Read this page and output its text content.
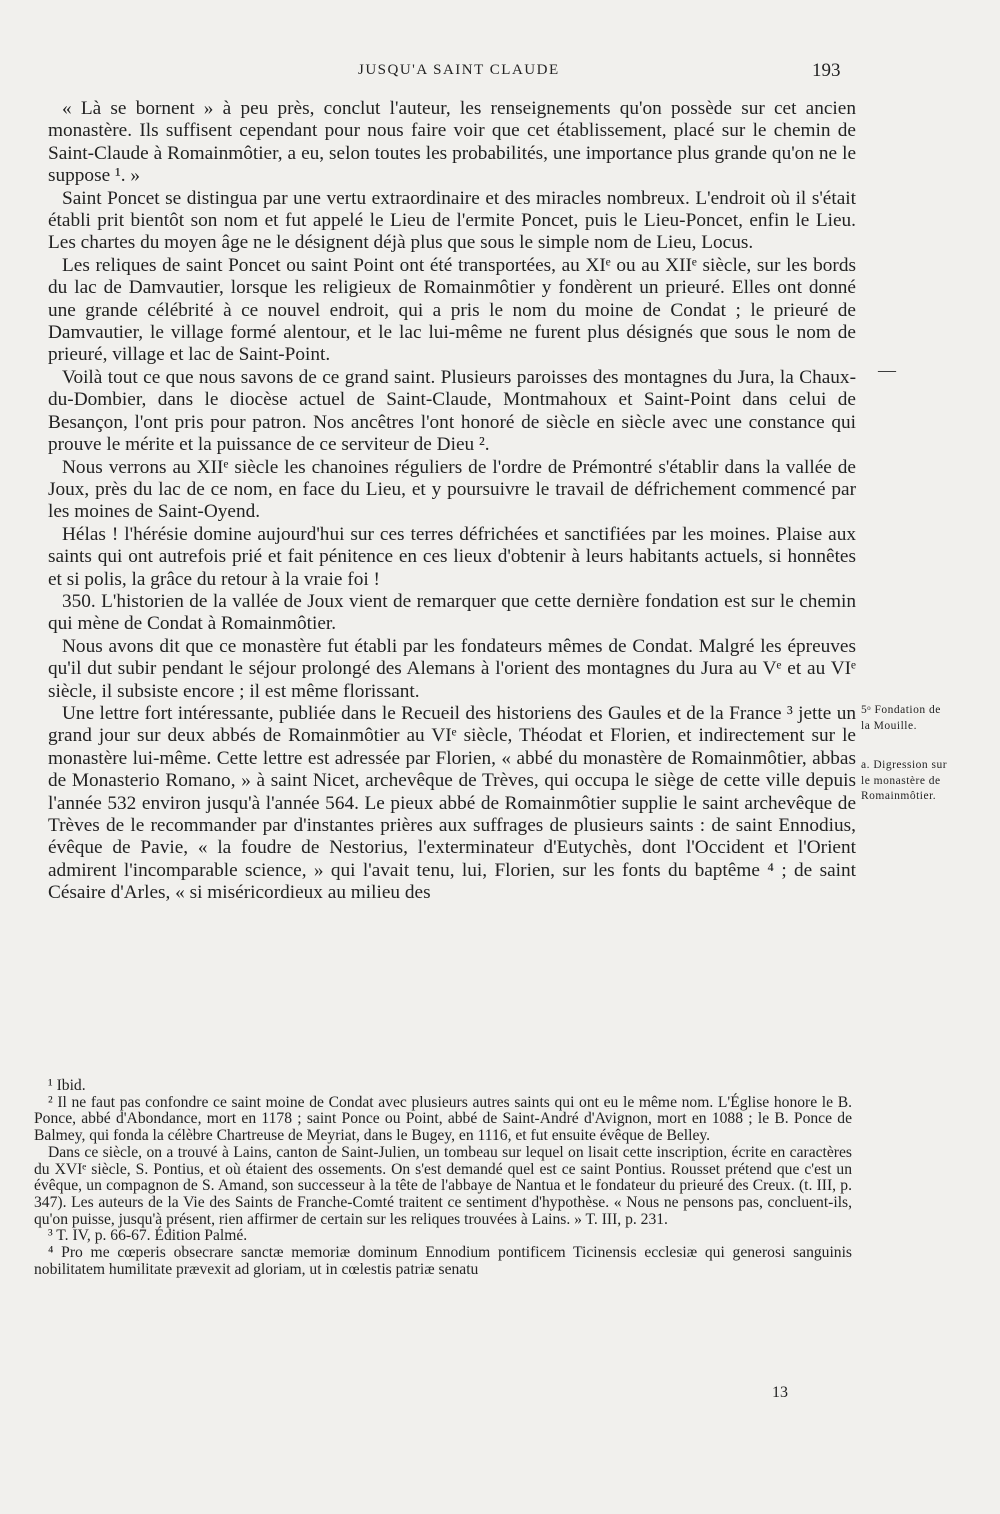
JUSQU'A SAINT CLAUDE	193

« Là se bornent » à peu près, conclut l'auteur, les renseignements qu'on possède sur cet ancien monastère. Ils suffisent cependant pour nous faire voir que cet établissement, placé sur le chemin de Saint-Claude à Romainmôtier, a eu, selon toutes les probabilités, une importance plus grande qu'on ne le suppose ¹. »

Saint Poncet se distingua par une vertu extraordinaire et des miracles nombreux. L'endroit où il s'était établi prit bientôt son nom et fut appelé le Lieu de l'ermite Poncet, puis le Lieu-Poncet, enfin le Lieu. Les chartes du moyen âge ne le désignent déjà plus que sous le simple nom de Lieu, Locus.

Les reliques de saint Poncet ou saint Point ont été transportées, au XIᵉ ou au XIIᵉ siècle, sur les bords du lac de Damvautier, lorsque les religieux de Romainmôtier y fondèrent un prieuré. Elles ont donné une grande célébrité à ce nouvel endroit, qui a pris le nom du moine de Condat ; le prieuré de Damvautier, le village formé alentour, et le lac lui-même ne furent plus désignés que sous le nom de prieuré, village et lac de Saint-Point.

Voilà tout ce que nous savons de ce grand saint. Plusieurs paroisses des montagnes du Jura, la Chaux-du-Dombier, dans le diocèse actuel de Saint-Claude, Montmahoux et Saint-Point dans celui de Besançon, l'ont pris pour patron. Nos ancêtres l'ont honoré de siècle en siècle avec une constance qui prouve le mérite et la puissance de ce serviteur de Dieu ².

Nous verrons au XIIᵉ siècle les chanoines réguliers de l'ordre de Prémontré s'établir dans la vallée de Joux, près du lac de ce nom, en face du Lieu, et y poursuivre le travail de défrichement commencé par les moines de Saint-Oyend.

Hélas ! l'hérésie domine aujourd'hui sur ces terres défrichées et sanctifiées par les moines. Plaise aux saints qui ont autrefois prié et fait pénitence en ces lieux d'obtenir à leurs habitants actuels, si honnêtes et si polis, la grâce du retour à la vraie foi !

350. L'historien de la vallée de Joux vient de remarquer que cette dernière fondation est sur le chemin qui mène de Condat à Romainmôtier.

Nous avons dit que ce monastère fut établi par les fondateurs mêmes de Condat. Malgré les épreuves qu'il dut subir pendant le séjour prolongé des Alemans à l'orient des montagnes du Jura au Vᵉ et au VIᵉ siècle, il subsiste encore ; il est même florissant.

Une lettre fort intéressante, publiée dans le Recueil des historiens des Gaules et de la France ³ jette un grand jour sur deux abbés de Romainmôtier au VIᵉ siècle, Théodat et Florien, et indirectement sur le monastère lui-même. Cette lettre est adressée par Florien, « abbé du monastère de Romainmôtier, abbas de Monasterio Romano, » à saint Nicet, archevêque de Trèves, qui occupa le siège de cette ville depuis l'année 532 environ jusqu'à l'année 564. Le pieux abbé de Romainmôtier supplie le saint archevêque de Trèves de le recommander par d'instantes prières aux suffrages de plusieurs saints : de saint Ennodius, évêque de Pavie, « la foudre de Nestorius, l'exterminateur d'Eutychès, dont l'Occident et l'Orient admirent l'incomparable science, » qui l'avait tenu, lui, Florien, sur les fonts du baptême ⁴ ; de saint Césaire d'Arles, « si miséricordieux au milieu des

—
5ᵒ Fondation de la Mouille.
a. Digression sur le monastère de Romainmôtier.

¹ Ibid.

² Il ne faut pas confondre ce saint moine de Condat avec plusieurs autres saints qui ont eu le même nom. L'Église honore le B. Ponce, abbé d'Abondance, mort en 1178 ; saint Ponce ou Point, abbé de Saint-André d'Avignon, mort en 1088 ; le B. Ponce de Balmey, qui fonda la célèbre Chartreuse de Meyriat, dans le Bugey, en 1116, et fut ensuite évêque de Belley.

Dans ce siècle, on a trouvé à Lains, canton de Saint-Julien, un tombeau sur lequel on lisait cette inscription, écrite en caractères du XVIᵉ siècle, S. Pontius, et où étaient des ossements. On s'est demandé quel est ce saint Pontius. Rousset prétend que c'est un évêque, un compagnon de S. Amand, son successeur à la tête de l'abbaye de Nantua et le fondateur du prieuré des Creux. (t. III, p. 347). Les auteurs de la Vie des Saints de Franche-Comté traitent ce sentiment d'hypothèse. « Nous ne pensons pas, concluent-ils, qu'on puisse, jusqu'à présent, rien affirmer de certain sur les reliques trouvées à Lains. » T. III, p. 231.

³ T. IV, p. 66-67. Édition Palmé.

⁴ Pro me cœperis obsecrare sanctæ memoriæ dominum Ennodium pontificem Ticinensis ecclesiæ qui generosi sanguinis nobilitatem humilitate prævexit ad gloriam, ut in cœlestis patriæ senatu

13
